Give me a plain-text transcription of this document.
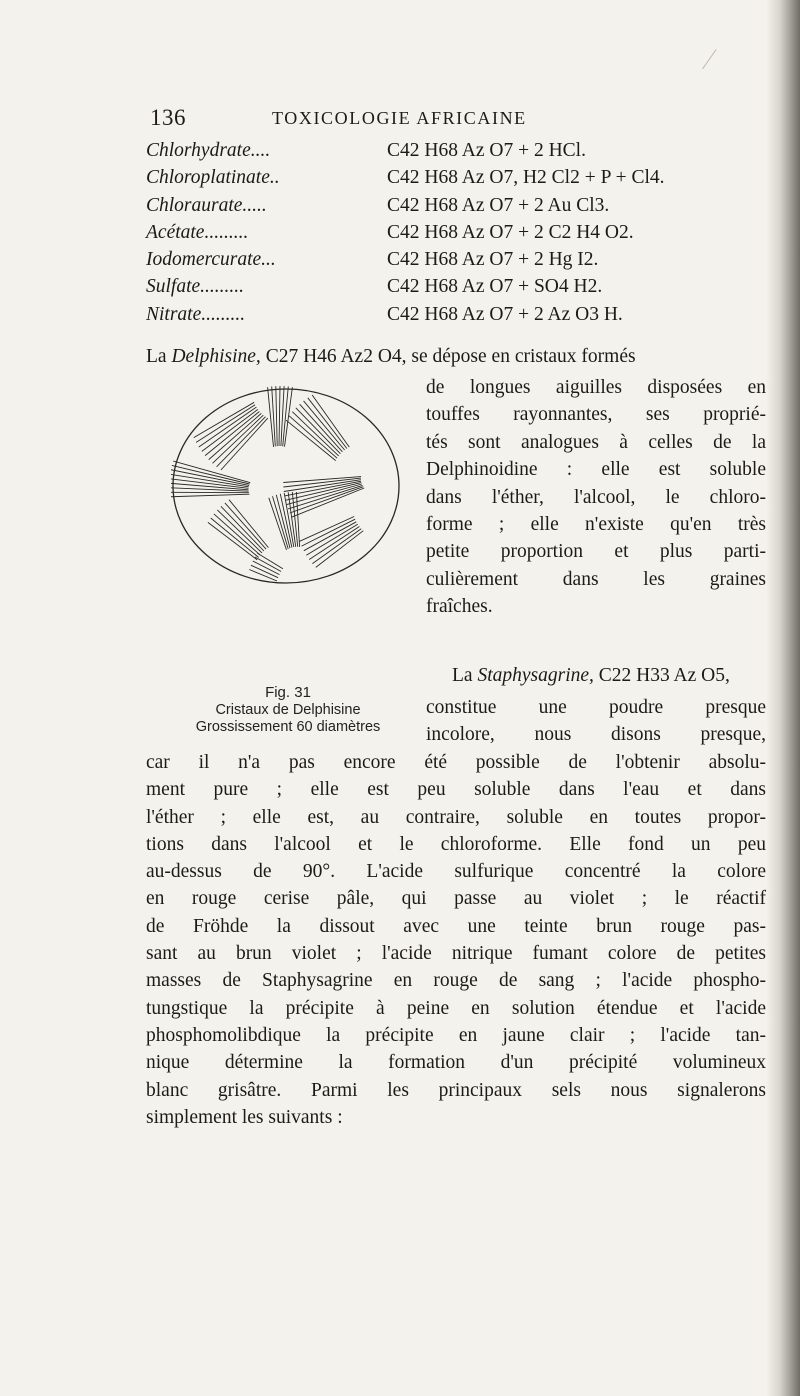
136	TOXICOLOGIE AFRICAINE
Chlorhydrate....	C42 H68 Az O7 + 2 HCl.
Chloroplatinate..	C42 H68 Az O7, H2 Cl2 + P + Cl4.
Chloraurate.....	C42 H68 Az O7 + 2 Au Cl3.
Acétate.........	C42 H68 Az O7 + 2 C2 H4 O2.
Iodomercurate...	C42 H68 Az O7 + 2 Hg I2.
Sulfate.........	C42 H68 Az O7 + SO4 H2.
Nitrate.........	C42 H68 Az O7 + 2 Az O3 H.
La Delphisine, C27 H46 Az2 O4, se dépose en cristaux formés
de longues aiguilles disposées en
touffes rayonnantes, ses proprié-
tés sont analogues à celles de la
Delphinoidine : elle est soluble
dans l'éther, l'alcool, le chloro-
forme ; elle n'existe qu'en très
petite proportion et plus parti-
culièrement dans les graines
fraîches.
Fig. 31
Cristaux de Delphisine
Grossissement 60 diamètres
La Staphysagrine, C22 H33 Az O5,
constitue une poudre presque
incolore, nous disons presque,
car il n'a pas encore été possible de l'obtenir absolu-
ment pure ; elle est peu soluble dans l'eau et dans
l'éther ; elle est, au contraire, soluble en toutes propor-
tions dans l'alcool et le chloroforme. Elle fond un peu
au-dessus de 90°. L'acide sulfurique concentré la colore
en rouge cerise pâle, qui passe au violet ; le réactif
de Fröhde la dissout avec une teinte brun rouge pas-
sant au brun violet ; l'acide nitrique fumant colore de petites
masses de Staphysagrine en rouge de sang ; l'acide phospho-
tungstique la précipite à peine en solution étendue et l'acide
phosphomolibdique la précipite en jaune clair ; l'acide tan-
nique détermine la formation d'un précipité volumineux
blanc grisâtre. Parmi les principaux sels nous signalerons
simplement les suivants :
